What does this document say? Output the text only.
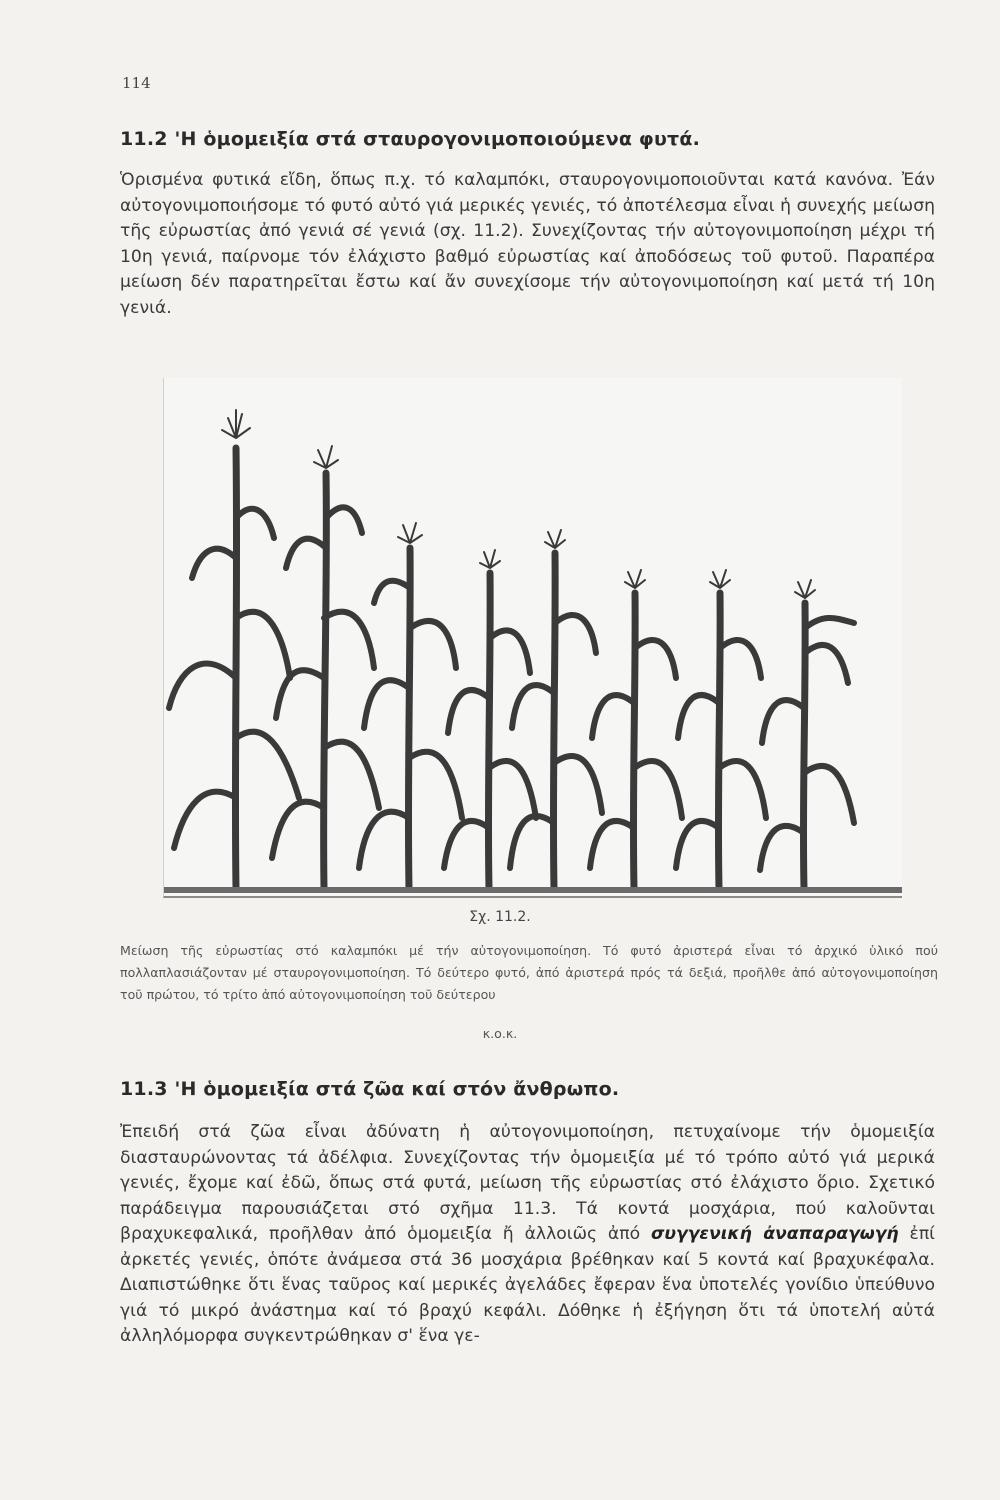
114
11.2 'Η ὁμομειξία στά σταυρογονιμοποιούμενα φυτά.

Ὁρισμένα φυτικά εἴδη, ὅπως π.χ. τό καλαμπόκι, σταυρογονιμοποιοῦνται κατά κανόνα. Ἐάν αὐτογονιμοποιήσομε τό φυτό αὐτό γιά μερικές γενιές, τό ἀποτέλεσμα εἶναι ἡ συνεχής μείωση τῆς εὐρωστίας ἀπό γενιά σέ γενιά (σχ. 11.2). Συνεχίζοντας τήν αὐτογονιμοποίηση μέχρι τή 10η γενιά, παίρνομε τόν ἐλάχιστο βαθμό εὐρωστίας καί ἀποδόσεως τοῦ φυτοῦ. Παραπέρα μείωση δέν παρατηρεῖται ἔστω καί ἄν συνεχίσομε τήν αὐτογονιμοποίηση καί μετά τή 10η γενιά.

Σχ. 11.2.
Μείωση τῆς εὐρωστίας στό καλαμπόκι μέ τήν αὐτογονιμοποίηση. Τό φυτό ἀριστερά εἶναι τό ἀρχικό ὑλικό πού πολλαπλασιάζονταν μέ σταυρογονιμοποίηση. Τό δεύτερο φυτό, ἀπό ἀριστερά πρός τά δεξιά, προῆλθε ἀπό αὐτογονιμοποίηση τοῦ πρώτου, τό τρίτο ἀπό αὐτογονιμοποίηση τοῦ δεύτερου
κ.ο.κ.
11.3 'Η ὁμομειξία στά ζῶα καί στόν ἄνθρωπο.

Ἐπειδή στά ζῶα εἶναι ἀδύνατη ἡ αὐτογονιμοποίηση, πετυχαίνομε τήν ὁμομειξία διασταυρώνοντας τά ἀδέλφια. Συνεχίζοντας τήν ὁμομειξία μέ τό τρόπο αὐτό γιά μερικά γενιές, ἔχομε καί ἐδῶ, ὅπως στά φυτά, μείωση τῆς εὐρωστίας στό ἐλάχιστο ὅριο. Σχετικό παράδειγμα παρουσιάζεται στό σχῆμα 11.3. Τά κοντά μοσχάρια, πού καλοῦνται βραχυκεφαλικά, προῆλθαν ἀπό ὁμομειξία ἤ ἀλλοιῶς ἀπό συγγενική ἀναπαραγωγή ἐπί ἀρκετές γενιές, ὁπότε ἀνάμεσα στά 36 μοσχάρια βρέθηκαν καί 5 κοντά καί βραχυκέφαλα. Διαπιστώθηκε ὅτι ἕνας ταῦρος καί μερικές ἀγελάδες ἔφεραν ἕνα ὑποτελές γονίδιο ὑπεύθυνο γιά τό μικρό ἀνάστημα καί τό βραχύ κεφάλι. Δόθηκε ἡ ἐξήγηση ὅτι τά ὑποτελή αὐτά ἀλληλόμορφα συγκεντρώθηκαν σ' ἕνα γε-
